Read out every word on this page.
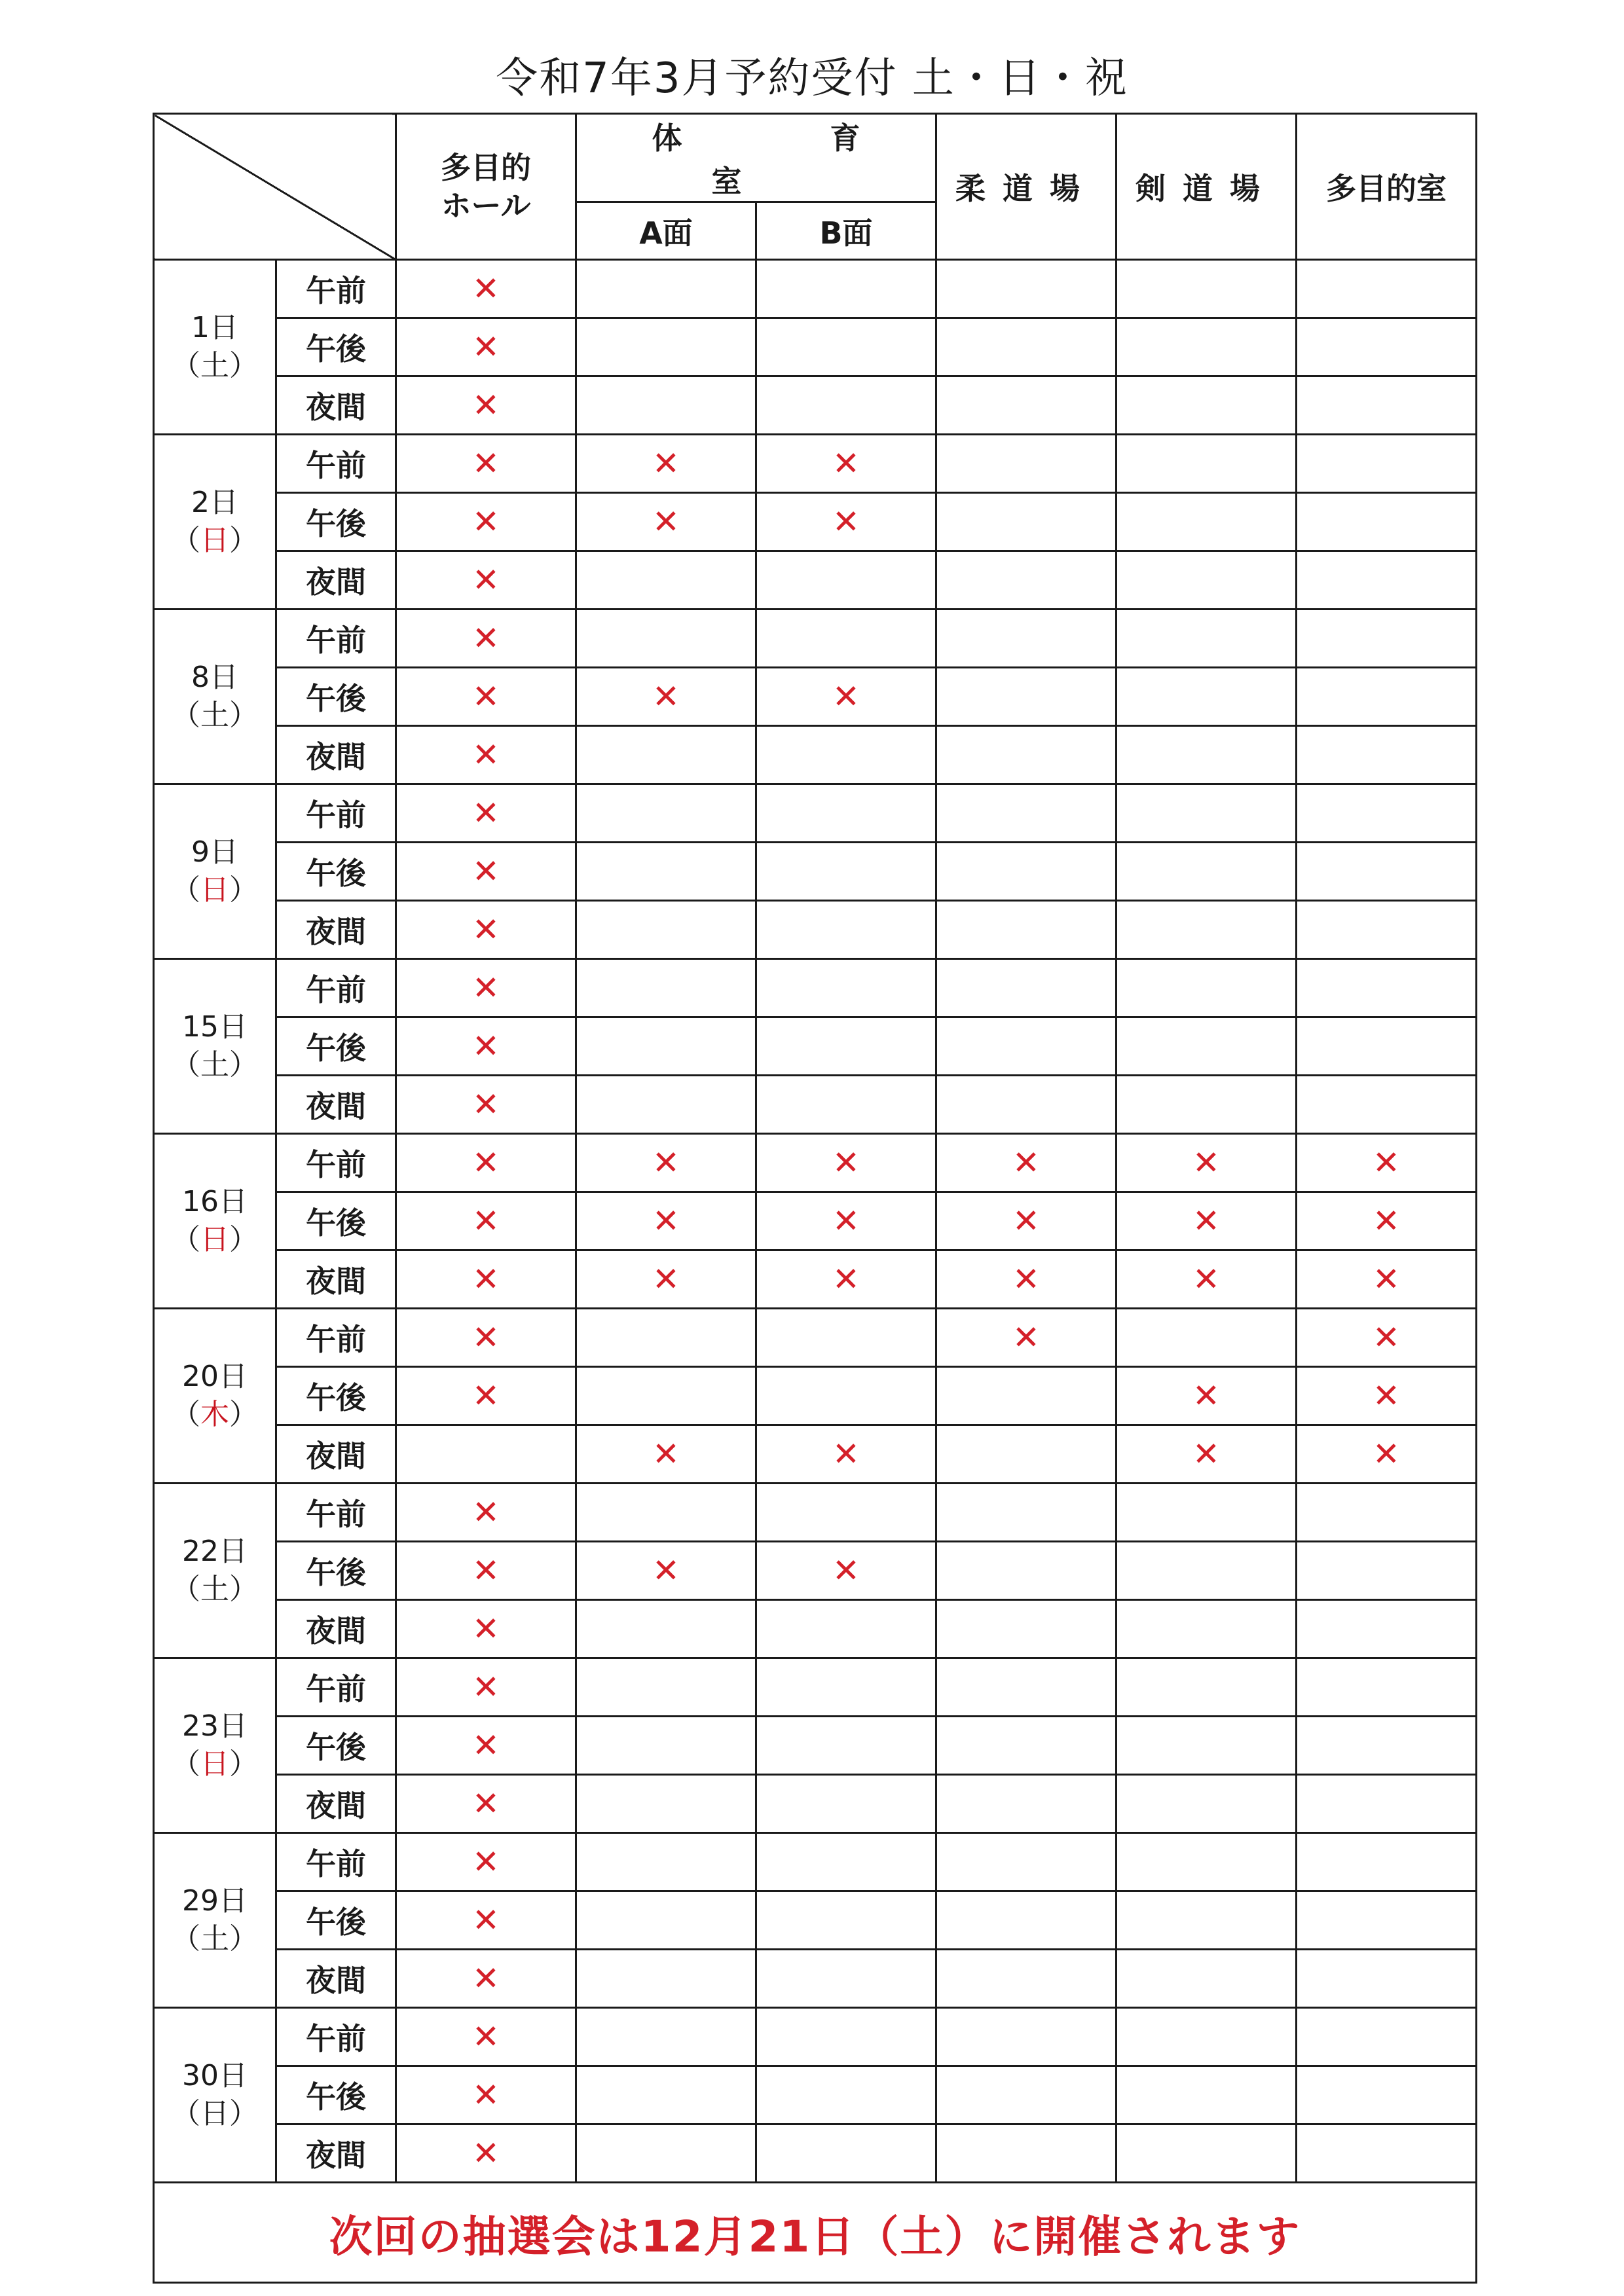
令和7年3月予約受付 土・日・祝

		多目的
ホール	体　育　室		柔道場	剣道場	多目的室
			A面	B面			

1日
（土）	午前	✕					
	午後	✕					
	夜間	✕					

2日
（日）	午前	✕	✕	✕			
	午後	✕	✕	✕			
	夜間	✕					

8日
（土）	午前	✕					
	午後	✕	✕	✕			
	夜間	✕					

9日
（日）	午前	✕					
	午後	✕					
	夜間	✕					

15日
（土）	午前	✕					
	午後	✕					
	夜間	✕					

16日
（日）	午前	✕	✕	✕	✕	✕	✕
	午後	✕	✕	✕	✕	✕	✕
	夜間	✕	✕	✕	✕	✕	✕

20日
（木）	午前	✕			✕		✕
	午後	✕				✕	✕
	夜間		✕	✕		✕	✕

22日
（土）	午前	✕					
	午後	✕	✕	✕			
	夜間	✕					

23日
（日）	午前	✕					
	午後	✕					
	夜間	✕					

29日
（土）	午前	✕					
	午後	✕					
	夜間	✕					

30日
（日）	午前	✕					
	午後	✕					
	夜間	✕					
次回の抽選会は12月21日（土）に開催されます							
